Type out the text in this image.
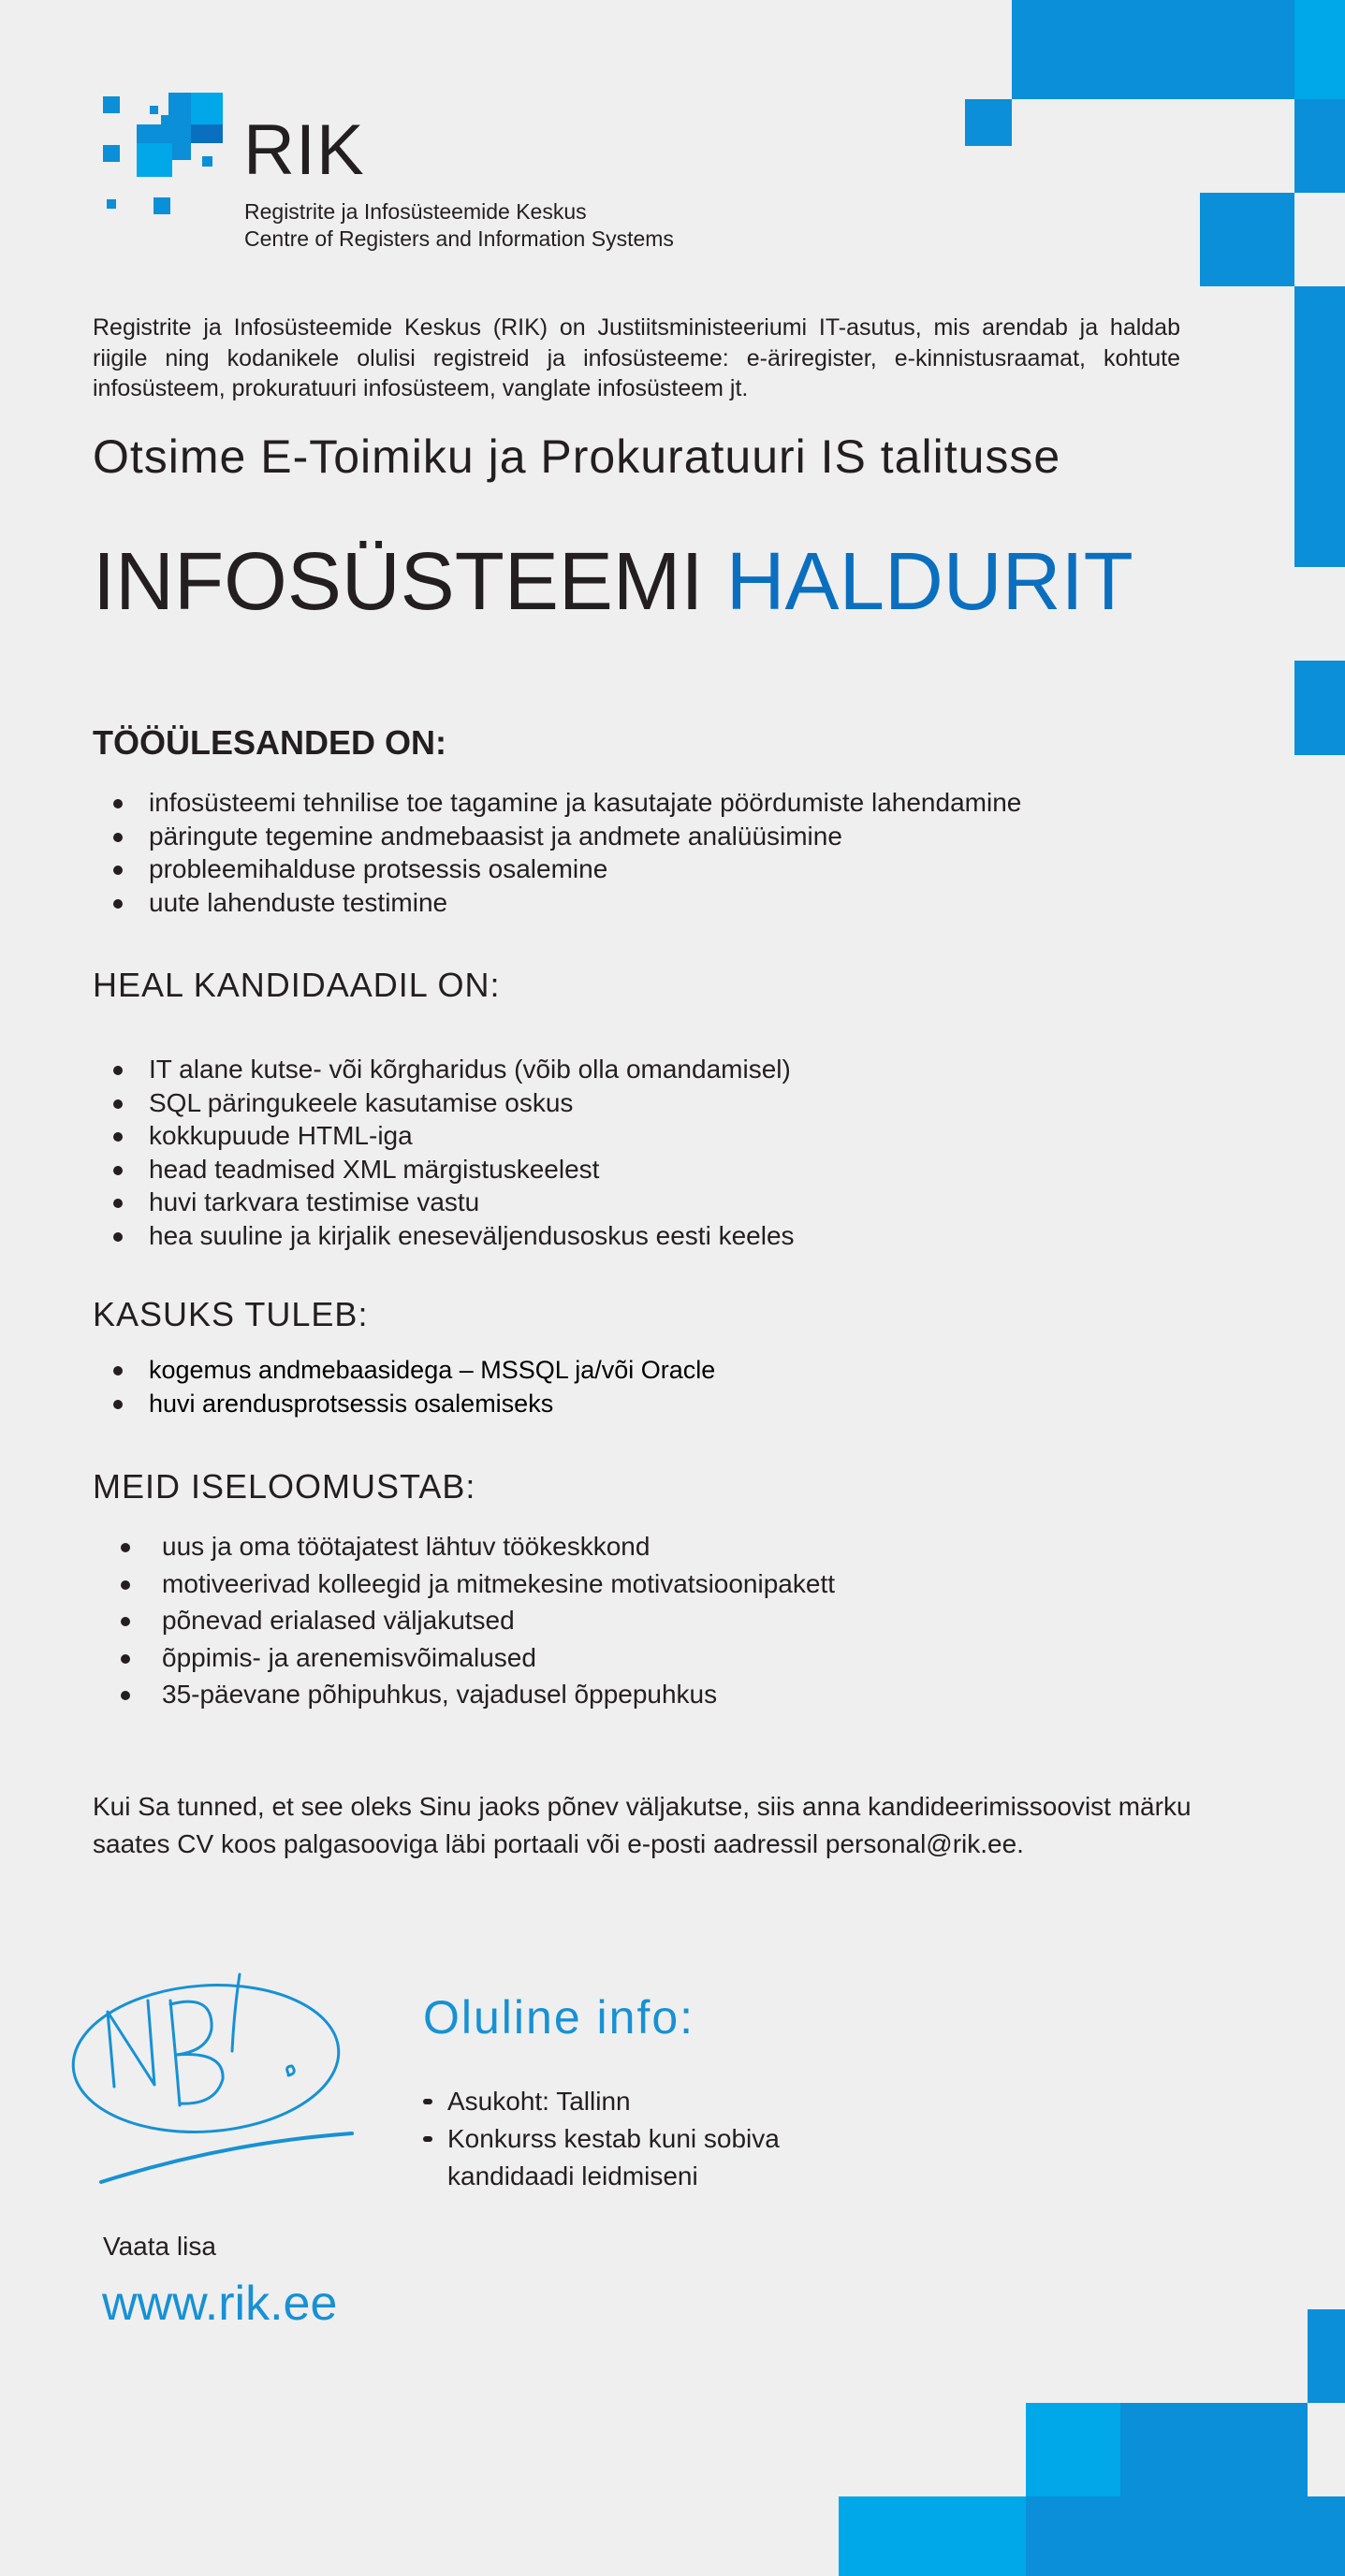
RIK
Registrite ja Infosüsteemide Keskus
Centre of Registers and Information Systems
Registrite ja Infosüsteemide Keskus (RIK) on Justiitsministeeriumi IT-asutus, mis arendab ja haldab riigile ning kodanikele olulisi registreid ja infosüsteeme: e-äriregister, e-kinnistusraamat, kohtute infosüsteem, prokuratuuri infosüsteem, vanglate infosüsteem jt.
Otsime E-Toimiku ja Prokuratuuri IS talitusse
INFOSÜSTEEMI HALDURIT
TÖÖÜLESANDED ON:
infosüsteemi tehnilise toe tagamine ja kasutajate pöördumiste lahendamine
päringute tegemine andmebaasist ja andmete analüüsimine
probleemihalduse protsessis osalemine
uute lahenduste testimine
HEAL KANDIDAADIL ON:
IT alane kutse- või kõrgharidus (võib olla omandamisel)
SQL päringukeele kasutamise oskus
kokkupuude HTML-iga
head teadmised XML märgistuskeelest
huvi tarkvara testimise vastu
hea suuline ja kirjalik eneseväljendusoskus eesti keeles
KASUKS TULEB:
kogemus andmebaasidega – MSSQL ja/või Oracle
huvi arendusprotsessis osalemiseks
MEID ISELOOMUSTAB:
uus ja oma töötajatest lähtuv töökeskkond
motiveerivad kolleegid ja mitmekesine motivatsioonipakett
põnevad erialased väljakutsed
õppimis- ja arenemisvõimalused
35-päevane põhipuhkus, vajadusel õppepuhkus
Kui Sa tunned, et see oleks Sinu jaoks põnev väljakutse, siis anna kandideerimissoovist märku saates CV koos palgasooviga läbi portaali või e-posti aadressil personal@rik.ee.
Oluline info:
Asukoht: Tallinn
Konkurss kestab kuni sobiva kandidaadi leidmiseni
Vaata lisa
www.rik.ee
